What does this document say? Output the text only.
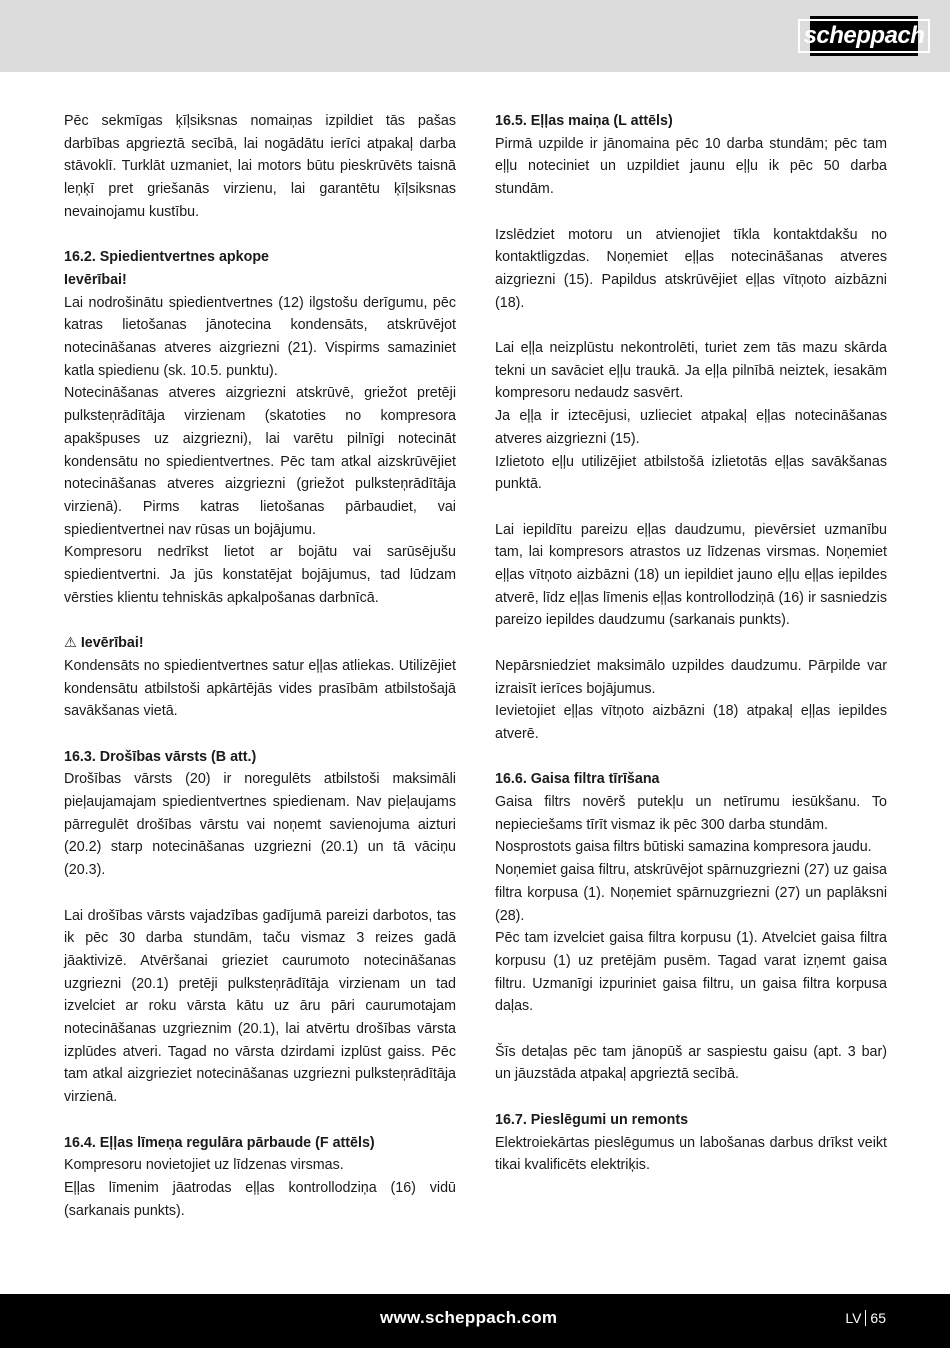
scheppach

Pēc sekmīgas ķīļsiksnas nomaiņas izpildiet tās pašas darbības apgrieztā secībā, lai nogādātu ierīci atpakaļ darba stāvoklī. Turklāt uzmaniet, lai motors būtu pieskrūvēts taisnā leņķī pret griešanās virzienu, lai garantētu ķīļsiksnas nevainojamu kustību.

16.2. Spiedientvertnes apkope

Ievērībai!

Lai nodrošinātu spiedientvertnes (12) ilgstošu derīgumu, pēc katras lietošanas jānotecina kondensāts, atskrūvējot notecināšanas atveres aizgriezni (21). Vispirms samaziniet katla spiedienu (sk. 10.5. punktu).

Notecināšanas atveres aizgriezni atskrūvē, griežot pretēji pulksteņrādītāja virzienam (skatoties no kompresora apakšpuses uz aizgriezni), lai varētu pilnīgi notecināt kondensātu no spiedientvertnes. Pēc tam atkal aizskrūvējiet notecināšanas atveres aizgriezni (griežot pulksteņrādītāja virzienā). Pirms katras lietošanas pārbaudiet, vai spiedientvertnei nav rūsas un bojājumu.

Kompresoru nedrīkst lietot ar bojātu vai sarūsējušu spiedientvertni. Ja jūs konstatējat bojājumus, tad lūdzam vērsties klientu tehniskās apkalpošanas darbnīcā.

⚠ Ievērībai!

Kondensāts no spiedientvertnes satur eļļas atliekas. Utilizējiet kondensātu atbilstoši apkārtējās vides prasībām atbilstošajā savākšanas vietā.

16.3. Drošības vārsts (B att.)

Drošības vārsts (20) ir noregulēts atbilstoši maksimāli pieļaujamajam spiedientvertnes spiedienam. Nav pieļaujams pārregulēt drošības vārstu vai noņemt savienojuma aizturi (20.2) starp notecināšanas uzgriezni (20.1) un tā vāciņu (20.3).

Lai drošības vārsts vajadzības gadījumā pareizi darbotos, tas ik pēc 30 darba stundām, taču vismaz 3 reizes gadā jāaktivizē. Atvēršanai grieziet caurumoto notecināšanas uzgriezni (20.1) pretēji pulksteņrādītāja virzienam un tad izvelciet ar roku vārsta kātu uz āru pāri caurumotajam notecināšanas uzgrieznim (20.1), lai atvērtu drošības vārsta izplūdes atveri. Tagad no vārsta dzirdami izplūst gaiss. Pēc tam atkal aizgrieziet notecināšanas uzgriezni pulksteņrādītāja virzienā.

16.4. Eļļas līmeņa regulāra pārbaude (F attēls)

Kompresoru novietojiet uz līdzenas virsmas.

Eļļas līmenim jāatrodas eļļas kontrollodziņa (16) vidū (sarkanais punkts).

16.5. Eļļas maiņa (L attēls)

Pirmā uzpilde ir jānomaina pēc 10 darba stundām; pēc tam eļļu noteciniet un uzpildiet jaunu eļļu ik pēc 50 darba stundām.

Izslēdziet motoru un atvienojiet tīkla kontaktdakšu no kontaktligzdas. Noņemiet eļļas notecināšanas atveres aizgriezni (15). Papildus atskrūvējiet eļļas vītņoto aizbāzni (18).

Lai eļļa neizplūstu nekontrolēti, turiet zem tās mazu skārda tekni un savāciet eļļu traukā. Ja eļļa pilnībā neiztek, iesakām kompresoru nedaudz sasvērt.

Ja eļļa ir iztecējusi, uzlieciet atpakaļ eļļas notecināšanas atveres aizgriezni (15).

Izlietoto eļļu utilizējiet atbilstošā izlietotās eļļas savākšanas punktā.

Lai iepildītu pareizu eļļas daudzumu, pievērsiet uzmanību tam, lai kompresors atrastos uz līdzenas virsmas. Noņemiet eļļas vītņoto aizbāzni (18) un iepildiet jauno eļļu eļļas iepildes atverē, līdz eļļas līmenis eļļas kontrollodziņā (16) ir sasniedzis pareizo iepildes daudzumu (sarkanais punkts).

Nepārsniedziet maksimālo uzpildes daudzumu. Pārpilde var izraisīt ierīces bojājumus.

Ievietojiet eļļas vītņoto aizbāzni (18) atpakaļ eļļas iepildes atverē.

16.6. Gaisa filtra tīrīšana

Gaisa filtrs novērš putekļu un netīrumu iesūkšanu. To nepieciešams tīrīt vismaz ik pēc 300 darba stundām.

Nosprostots gaisa filtrs būtiski samazina kompresora jaudu.

Noņemiet gaisa filtru, atskrūvējot spārnuzgriezni (27) uz gaisa filtra korpusa (1). Noņemiet spārnuzgriezni (27) un paplāksni (28).

Pēc tam izvelciet gaisa filtra korpusu (1). Atvelciet gaisa filtra korpusu (1) uz pretējām pusēm. Tagad varat izņemt gaisa filtru. Uzmanīgi izpuriniet gaisa filtru, un gaisa filtra korpusa daļas.

Šīs detaļas pēc tam jānopūš ar saspiestu gaisu (apt. 3 bar) un jāuzstāda atpakaļ apgrieztā secībā.

16.7. Pieslēgumi un remonts

Elektroiekārtas pieslēgumus un labošanas darbus drīkst veikt tikai kvalificēts elektriķis.

www.scheppach.com	LV 65
